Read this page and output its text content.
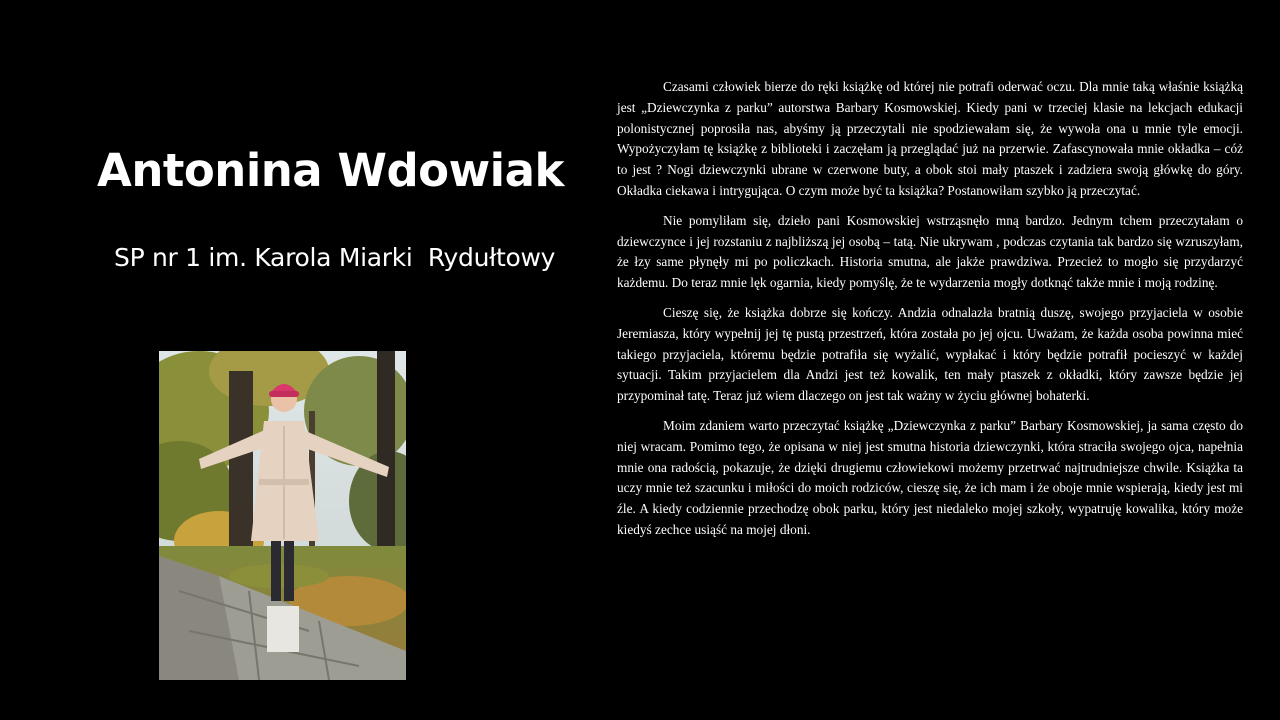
Antonina Wdowiak
SP nr 1 im. Karola Miarki  Rydułtowy

Czasami człowiek bierze do ręki książkę od której nie potrafi oderwać oczu. Dla mnie taką właśnie książką jest „Dziewczynka z parku” autorstwa Barbary Kosmowskiej. Kiedy pani w trzeciej klasie na lekcjach edukacji polonistycznej poprosiła nas, abyśmy ją przeczytali nie spodziewałam się, że wywoła ona u mnie tyle emocji. Wypożyczyłam tę książkę z biblioteki i zaczęłam ją przeglądać już na przerwie. Zafascynowała mnie okładka – cóż to jest ? Nogi dziewczynki ubrane w czerwone buty, a obok stoi mały ptaszek i zadziera swoją główkę do góry. Okładka ciekawa i intrygująca. O czym może być ta książka? Postanowiłam szybko ją przeczytać.

Nie pomyliłam się, dzieło pani Kosmowskiej wstrząsnęło mną bardzo. Jednym tchem przeczytałam o dziewczynce i jej rozstaniu z najbliższą jej osobą – tatą. Nie ukrywam , podczas czytania tak bardzo się wzruszyłam, że łzy same płynęły mi po policzkach. Historia smutna, ale jakże prawdziwa. Przecież to mogło się przydarzyć każdemu. Do teraz mnie lęk ogarnia, kiedy pomyślę, że te wydarzenia mogły dotknąć także mnie i moją rodzinę.

Cieszę się, że książka dobrze się kończy. Andzia odnalazła bratnią duszę, swojego przyjaciela w osobie Jeremiasza, który wypełnij jej tę pustą przestrzeń, która została po jej ojcu. Uważam, że każda osoba powinna mieć takiego przyjaciela, któremu będzie potrafiła się wyżalić, wypłakać i który będzie potrafił pocieszyć w każdej sytuacji. Takim przyjacielem dla Andzi jest też kowalik, ten mały ptaszek z okładki, który zawsze będzie jej przypominał tatę. Teraz już wiem dlaczego on jest tak ważny w życiu głównej bohaterki.

Moim zdaniem warto przeczytać książkę „Dziewczynka z parku” Barbary Kosmowskiej, ja sama często do niej wracam. Pomimo tego, że opisana w niej jest smutna historia dziewczynki, która straciła swojego ojca, napełnia mnie ona radością, pokazuje, że dzięki drugiemu człowiekowi możemy przetrwać najtrudniejsze chwile. Książka ta uczy mnie też szacunku i miłości do moich rodziców, cieszę się, że ich mam i że oboje mnie wspierają, kiedy jest mi źle. A kiedy codziennie przechodzę obok parku, który jest niedaleko mojej szkoły, wypatruję kowalika, który może kiedyś zechce usiąść na mojej dłoni.
